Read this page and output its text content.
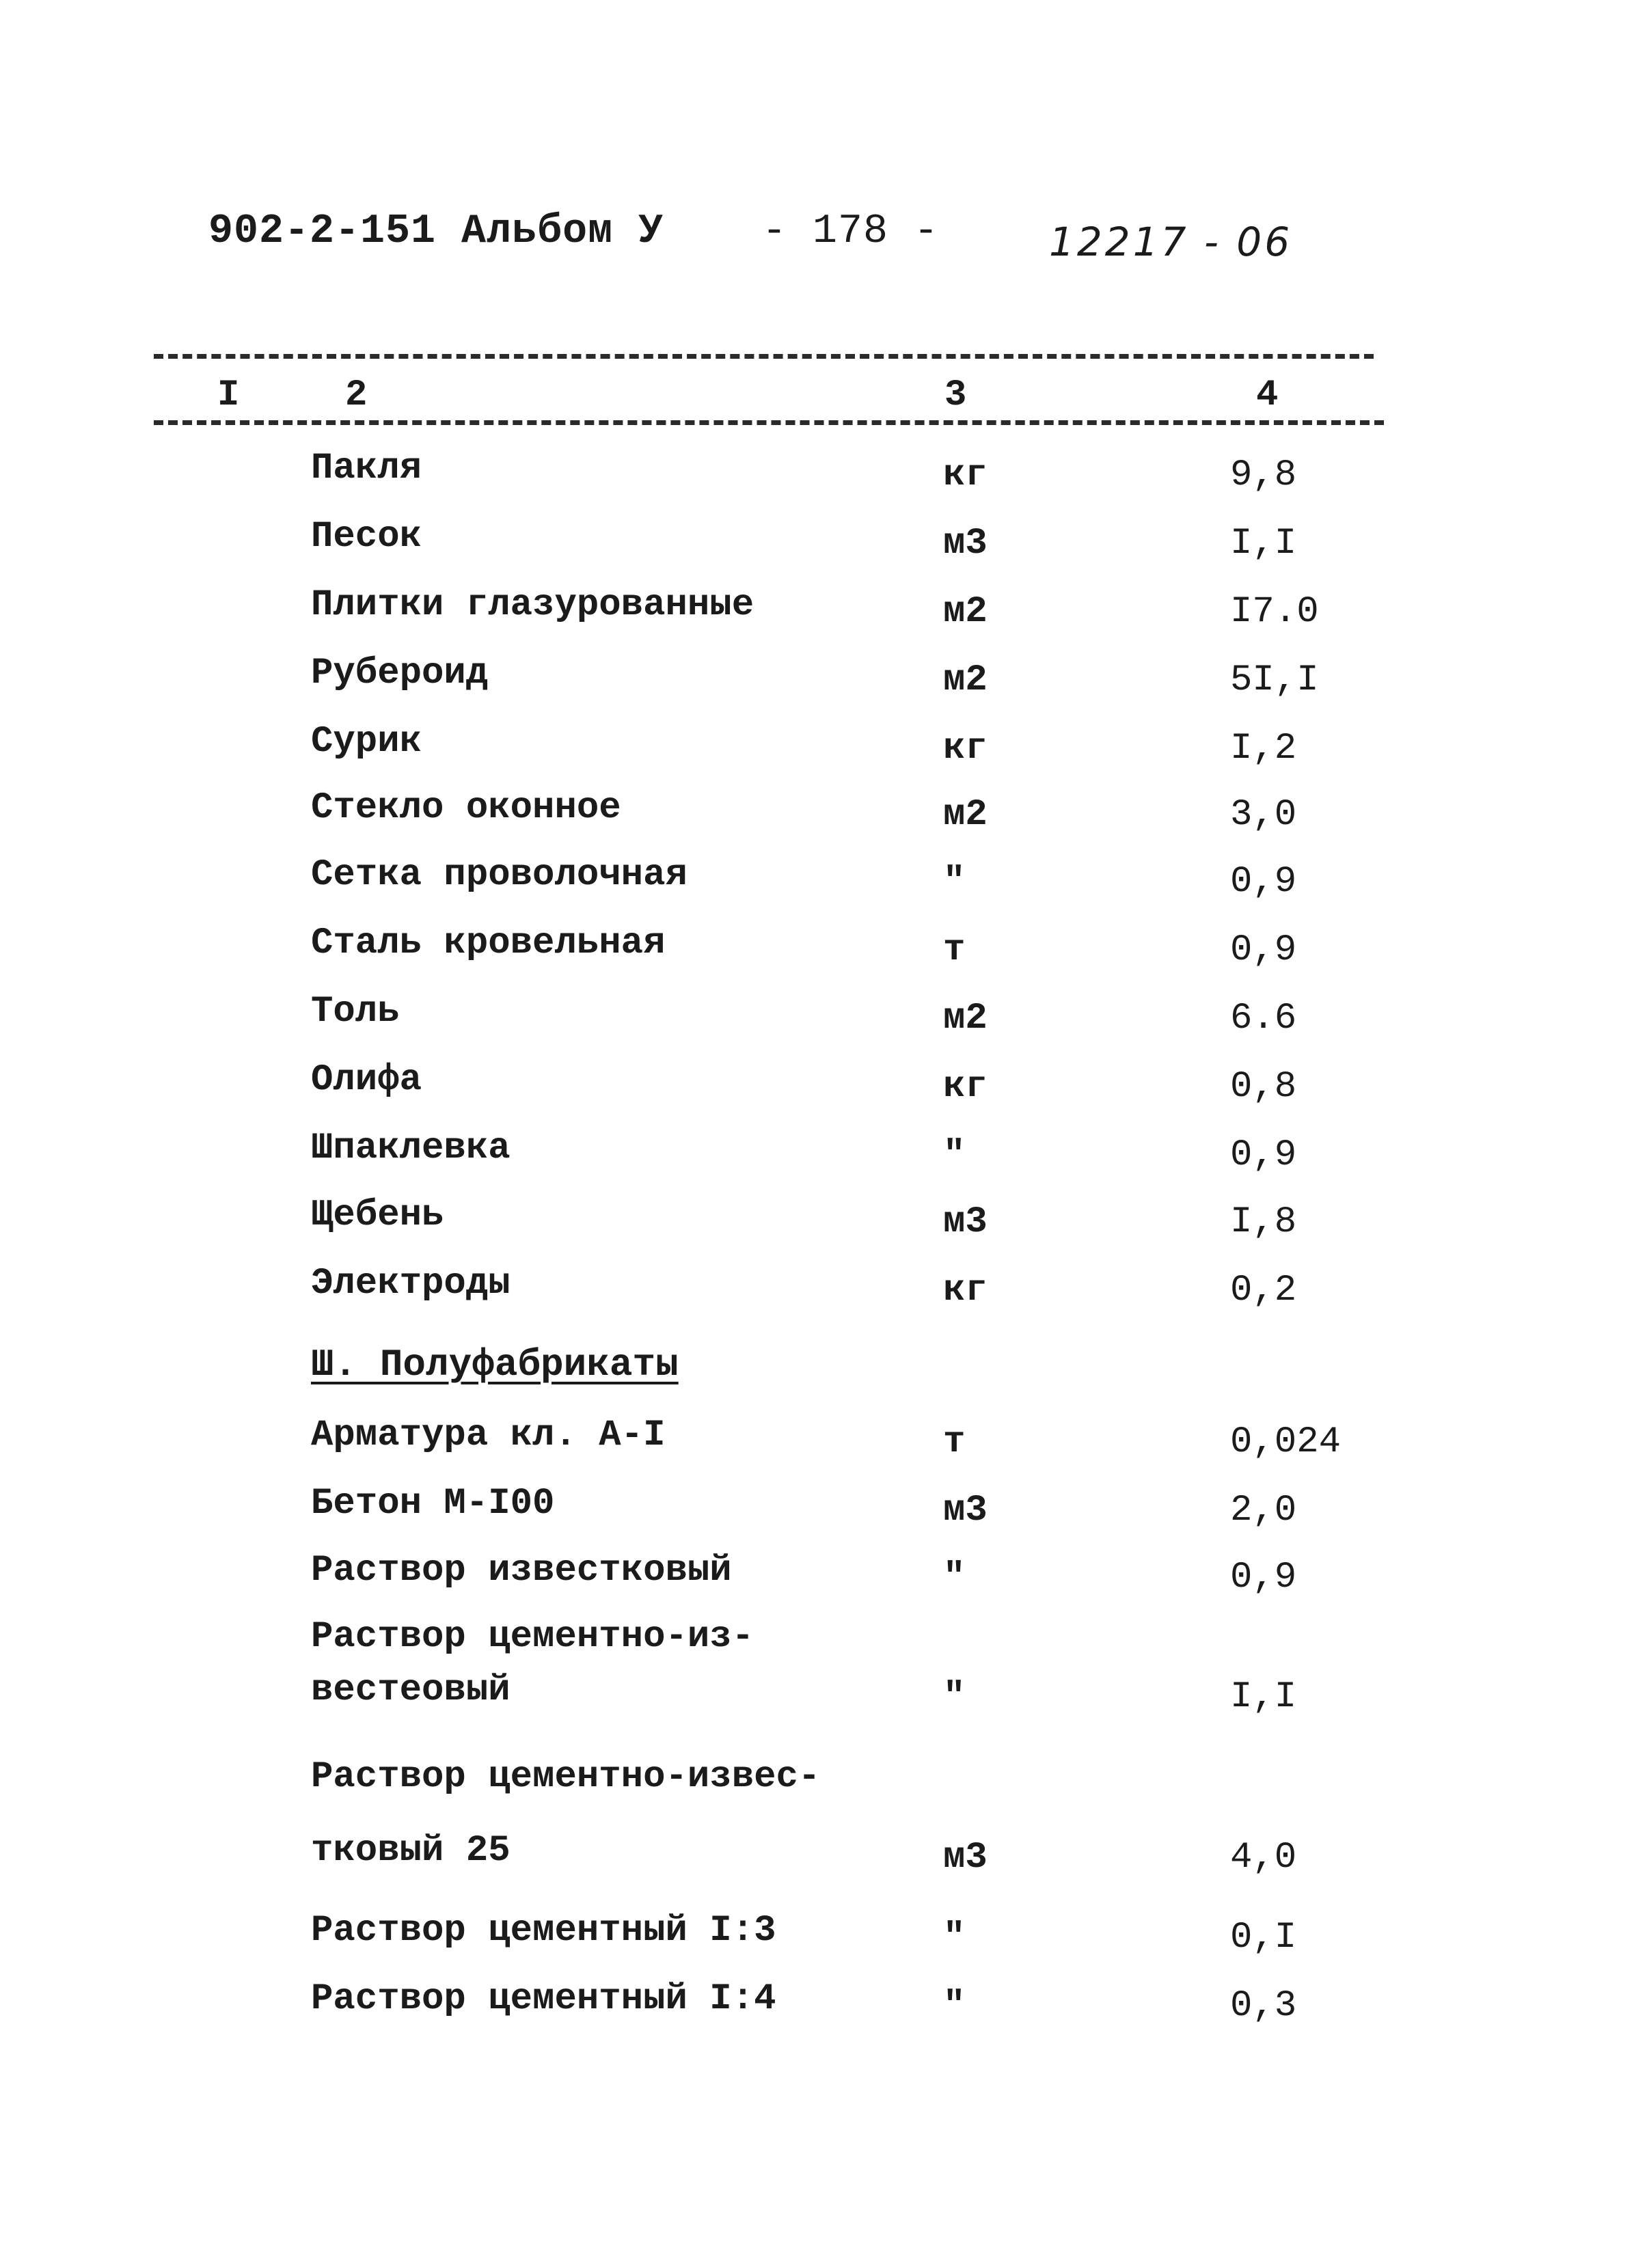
902-2-151 Альбом У - 178 -	12217 - 06
I	2	3	4
Пакля	кг	9,8
Песок	м3	I,I
Плитки глазурованные	м2	I7.0
Рубероид	м2	5I,I
Сурик	кг	I,2
Стекло оконное	м2	3,0
Сетка проволочная	"	0,9
Сталь кровельная	т	0,9
Толь	м2	6.6
Олифа	кг	0,8
Шпаклевка	"	0,9
Щебень	м3	I,8
Электроды	кг	0,2
Ш. Полуфабрикаты
Арматура кл. А-I	т	0,024
Бетон М-I00	м3	2,0
Раствор известковый	"	0,9
Раствор цементно-из-
вестеовый	"	I,I
Раствор цементно-извес-
тковый 25	м3	4,0
Раствор цементный I:3	"	0,I
Раствор цементный I:4	"	0,3
